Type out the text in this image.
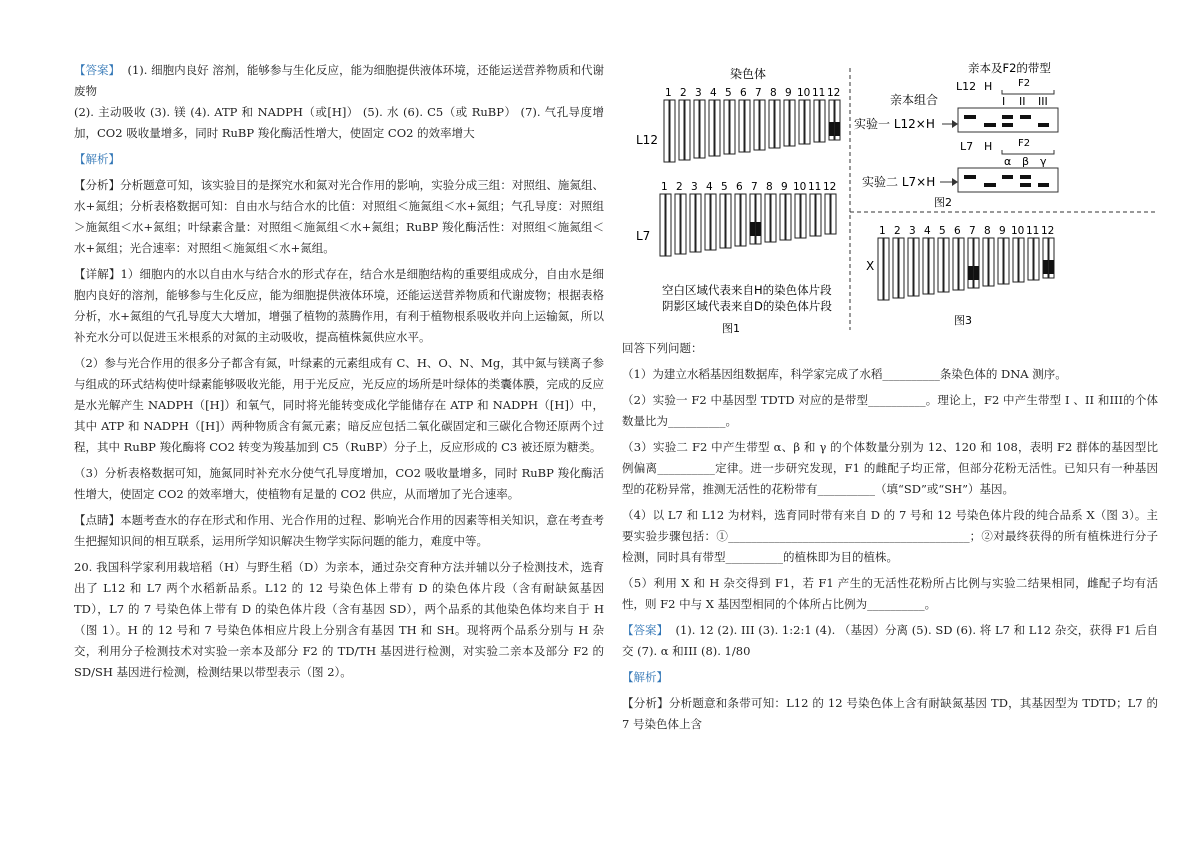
【答案】 (1). 细胞内良好 溶剂，能够参与生化反应，能为细胞提供液体环境，还能运送营养物质和代谢废物
(2). 主动吸收 (3). 镁 (4). ATP 和 NADPH（或[H]） (5). 水 (6). C5（或 RuBP） (7). 气孔导度增加，CO2 吸收量增多，同时 RuBP 羧化酶活性增大，使固定 CO2 的效率增大

【解析】

【分析】分析题意可知，该实验目的是探究水和氮对光合作用的影响，实验分成三组：对照组、施氮组、水+氮组；分析表格数据可知：自由水与结合水的比值：对照组＜施氮组＜水+氮组；气孔导度：对照组＞施氮组＜水+氮组；叶绿素含量：对照组＜施氮组＜水+氮组；RuBP 羧化酶活性：对照组＜施氮组＜水+氮组；光合速率：对照组＜施氮组＜水+氮组。

【详解】1）细胞内的水以自由水与结合水的形式存在，结合水是细胞结构的重要组成成分，自由水是细胞内良好的溶剂，能够参与生化反应，能为细胞提供液体环境，还能运送营养物质和代谢废物；根据表格分析，水+氮组的气孔导度大大增加，增强了植物的蒸腾作用，有利于植物根系吸收并向上运输氮，所以补充水分可以促进玉米根系的对氮的主动吸收，提高植株氮供应水平。

（2）参与光合作用的很多分子都含有氮，叶绿素的元素组成有 C、H、O、N、Mg，其中氮与镁离子参与组成的环式结构使叶绿素能够吸收光能，用于光反应，光反应的场所是叶绿体的类囊体膜，完成的反应是水光解产生 NADPH（[H]）和氧气，同时将光能转变成化学能储存在 ATP 和 NADPH（[H]）中，其中 ATP 和 NADPH（[H]）两种物质含有氮元素；暗反应包括二氧化碳固定和三碳化合物还原两个过程，其中 RuBP 羧化酶将 CO2 转变为羧基加到 C5（RuBP）分子上，反应形成的 C3 被还原为糖类。

（3）分析表格数据可知，施氮同时补充水分使气孔导度增加，CO2 吸收量增多，同时 RuBP 羧化酶活性增大，使固定 CO2 的效率增大，使植物有足量的 CO2 供应，从而增加了光合速率。

【点睛】本题考查水的存在形式和作用、光合作用的过程、影响光合作用的因素等相关知识，意在考查考生把握知识间的相互联系，运用所学知识解决生物学实际问题的能力，难度中等。

20. 我国科学家利用栽培稻（H）与野生稻（D）为亲本，通过杂交育种方法并辅以分子检测技术，选育出了 L12 和 L7 两个水稻新品系。L12 的 12 号染色体上带有 D 的染色体片段（含有耐缺氮基因 TD），L7 的 7 号染色体上带有 D 的染色体片段（含有基因 SD），两个品系的其他染色体均来自于 H（图 1）。H 的 12 号和 7 号染色体相应片段上分别含有基因 TH 和 SH。现将两个品系分别与 H 杂交，利用分子检测技术对实验一亲本及部分 F2 的 TD/TH 基因进行检测，对实验二亲本及部分 F2 的 SD/SH 基因进行检测，检测结果以带型表示（图 2）。

染色体
L12
L7
1 2 3 4 5 6 7 8 9 10 11 12
1 2 3 4 5 6 7 8 9 10 11 12
空白区域代表来自H的染色体片段
阴影区域代表来自D的染色体片段
图1
亲本及F2的带型
L12 H	F2
I II III
亲本组合
实验一 L12×H
L7 H	F2
α β γ
实验二 L7×H
图2
X
1 2 3 4 5 6 7 8 9 10 11 12
图3

回答下列问题：

（1）为建立水稻基因组数据库，科学家完成了水稻__________条染色体的 DNA 测序。

（2）实验一 F2 中基因型 TDTD 对应的是带型__________。理论上，F2 中产生带型 I 、II 和III的个体数量比为__________。

（3）实验二 F2 中产生带型 α、β 和 γ 的个体数量分别为 12、120 和 108，表明 F2 群体的基因型比例偏离__________定律。进一步研究发现，F1 的雌配子均正常，但部分花粉无活性。已知只有一种基因型的花粉异常，推测无活性的花粉带有__________（填“SD”或“SH”）基因。

（4）以 L7 和 L12 为材料，选育同时带有来自 D 的 7 号和 12 号染色体片段的纯合品系 X（图 3）。主要实验步骤包括：①__________________________________________；②对最终获得的所有植株进行分子检测，同时具有带型__________的植株即为目的植株。

（5）利用 X 和 H 杂交得到 F1，若 F1 产生的无活性花粉所占比例与实验二结果相同，雌配子均有活性，则 F2 中与 X 基因型相同的个体所占比例为__________。

【答案】 (1). 12 (2). III (3). 1:2:1 (4). （基因）分离 (5). SD (6). 将 L7 和 L12 杂交，获得 F1 后自交 (7). α 和III (8). 1/80

【解析】

【分析】分析题意和条带可知：L12 的 12 号染色体上含有耐缺氮基因 TD，其基因型为 TDTD；L7 的 7 号染色体上含
